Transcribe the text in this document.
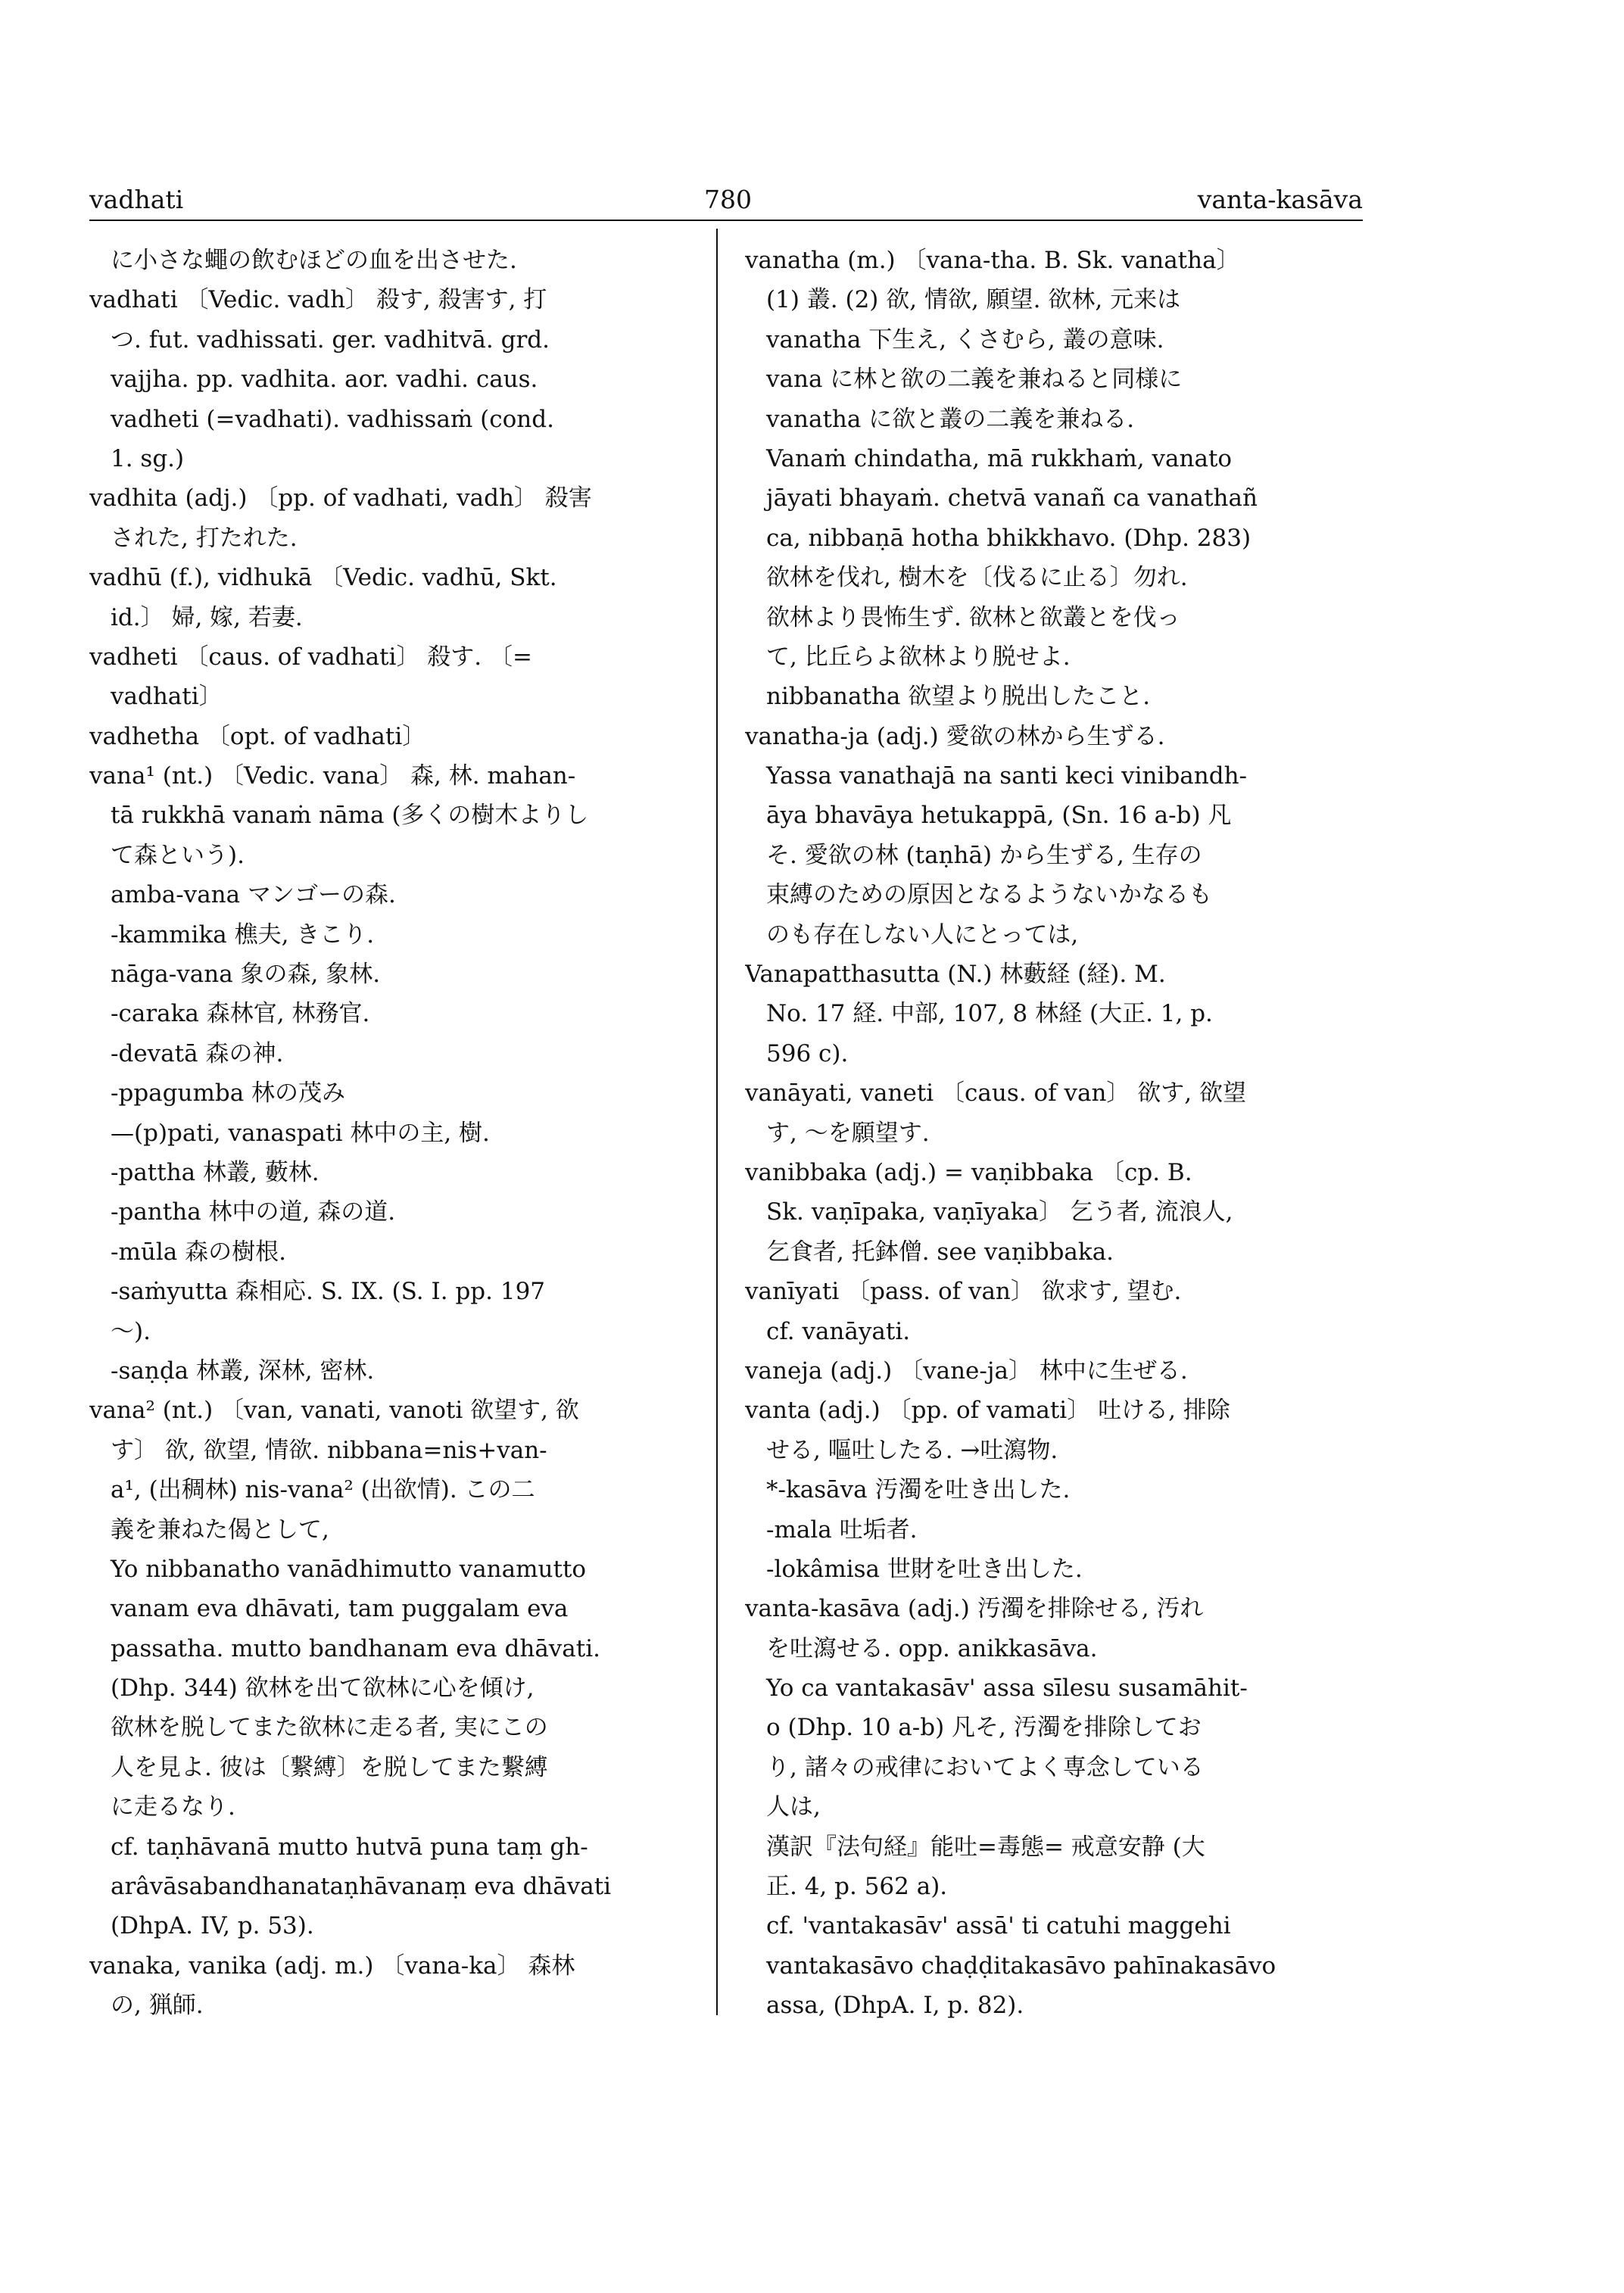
vadhati	780	vanta-kasāva
に小さな蠅の飲むほどの血を出させた.
vadhati 〔Vedic. vadh〕 殺す, 殺害す, 打
つ. fut. vadhissati. ger. vadhitvā. grd.
vajjha. pp. vadhita. aor. vadhi. caus.
vadheti (=vadhati). vadhissaṁ (cond.
1. sg.)
vadhita (adj.) 〔pp. of vadhati, vadh〕 殺害
された, 打たれた.
vadhū (f.), vidhukā 〔Vedic. vadhū, Skt.
id.〕 婦, 嫁, 若妻.
vadheti 〔caus. of vadhati〕 殺す. 〔=
vadhati〕
vadhetha 〔opt. of vadhati〕
vana¹ (nt.) 〔Vedic. vana〕 森, 林. mahan-
tā rukkhā vanaṁ nāma (多くの樹木よりし
て森という).
amba-vana マンゴーの森.
-kammika 樵夫, きこり.
nāga-vana 象の森, 象林.
-caraka 森林官, 林務官.
-devatā 森の神.
-ppagumba 林の茂み
—(p)pati, vanaspati 林中の主, 樹.
-pattha 林叢, 藪林.
-pantha 林中の道, 森の道.
-mūla 森の樹根.
-saṁyutta 森相応. S. IX. (S. I. pp. 197
〜).
-saṇḍa 林叢, 深林, 密林.
vana² (nt.) 〔van, vanati, vanoti 欲望す, 欲
す〕 欲, 欲望, 情欲. nibbana=nis+van-
a¹, (出稠林) nis-vana² (出欲情). この二
義を兼ねた偈として,
Yo nibbanatho vanādhimutto vanamutto
vanam eva dhāvati, tam puggalam eva
passatha. mutto bandhanam eva dhāvati.
(Dhp. 344) 欲林を出て欲林に心を傾け,
欲林を脱してまた欲林に走る者, 実にこの
人を見よ. 彼は〔繋縛〕を脱してまた繋縛
に走るなり.
cf. taṇhāvanā mutto hutvā puna taṃ gh-
arâvāsabandhanataṇhāvanaṃ eva dhāvati
(DhpA. IV, p. 53).
vanaka, vanika (adj. m.) 〔vana-ka〕 森林
の, 猟師.
vanatha (m.) 〔vana-tha. B. Sk. vanatha〕
(1) 叢. (2) 欲, 情欲, 願望. 欲林, 元来は
vanatha 下生え, くさむら, 叢の意味.
vana に林と欲の二義を兼ねると同様に
vanatha に欲と叢の二義を兼ねる.
Vanaṁ chindatha, mā rukkhaṁ, vanato
jāyati bhayaṁ. chetvā vanañ ca vanathañ
ca, nibbaṇā hotha bhikkhavo. (Dhp. 283)
欲林を伐れ, 樹木を〔伐るに止る〕勿れ.
欲林より畏怖生ず. 欲林と欲叢とを伐っ
て, 比丘らよ欲林より脱せよ.
nibbanatha 欲望より脱出したこと.
vanatha-ja (adj.) 愛欲の林から生ずる.
Yassa vanathajā na santi keci vinibandh-
āya bhavāya hetukappā, (Sn. 16 a-b) 凡
そ. 愛欲の林 (taṇhā) から生ずる, 生存の
束縛のための原因となるようないかなるも
のも存在しない人にとっては,
Vanapatthasutta (N.) 林藪経 (経). M.
No. 17 経. 中部, 107, 8 林経 (大正. 1, p.
596 c).
vanāyati, vaneti 〔caus. of van〕 欲す, 欲望
す, 〜を願望す.
vanibbaka (adj.) = vaṇibbaka 〔cp. B.
Sk. vaṇīpaka, vaṇīyaka〕 乞う者, 流浪人,
乞食者, 托鉢僧. see vaṇibbaka.
vanīyati 〔pass. of van〕 欲求す, 望む.
cf. vanāyati.
vaneja (adj.) 〔vane-ja〕 林中に生ぜる.
vanta (adj.) 〔pp. of vamati〕 吐ける, 排除
せる, 嘔吐したる. →吐瀉物.
*-kasāva 汚濁を吐き出した.
-mala 吐垢者.
-lokâmisa 世財を吐き出した.
vanta-kasāva (adj.) 汚濁を排除せる, 汚れ
を吐瀉せる. opp. anikkasāva.
Yo ca vantakasāv' assa sīlesu susamāhit-
o (Dhp. 10 a-b) 凡そ, 汚濁を排除してお
り, 諸々の戒律においてよく専念している
人は,
漢訳『法句経』能吐=毒態= 戒意安静 (大
正. 4, p. 562 a).
cf. 'vantakasāv' assā' ti catuhi maggehi
vantakasāvo chaḍḍitakasāvo pahīnakasāvo
assa, (DhpA. I, p. 82).
